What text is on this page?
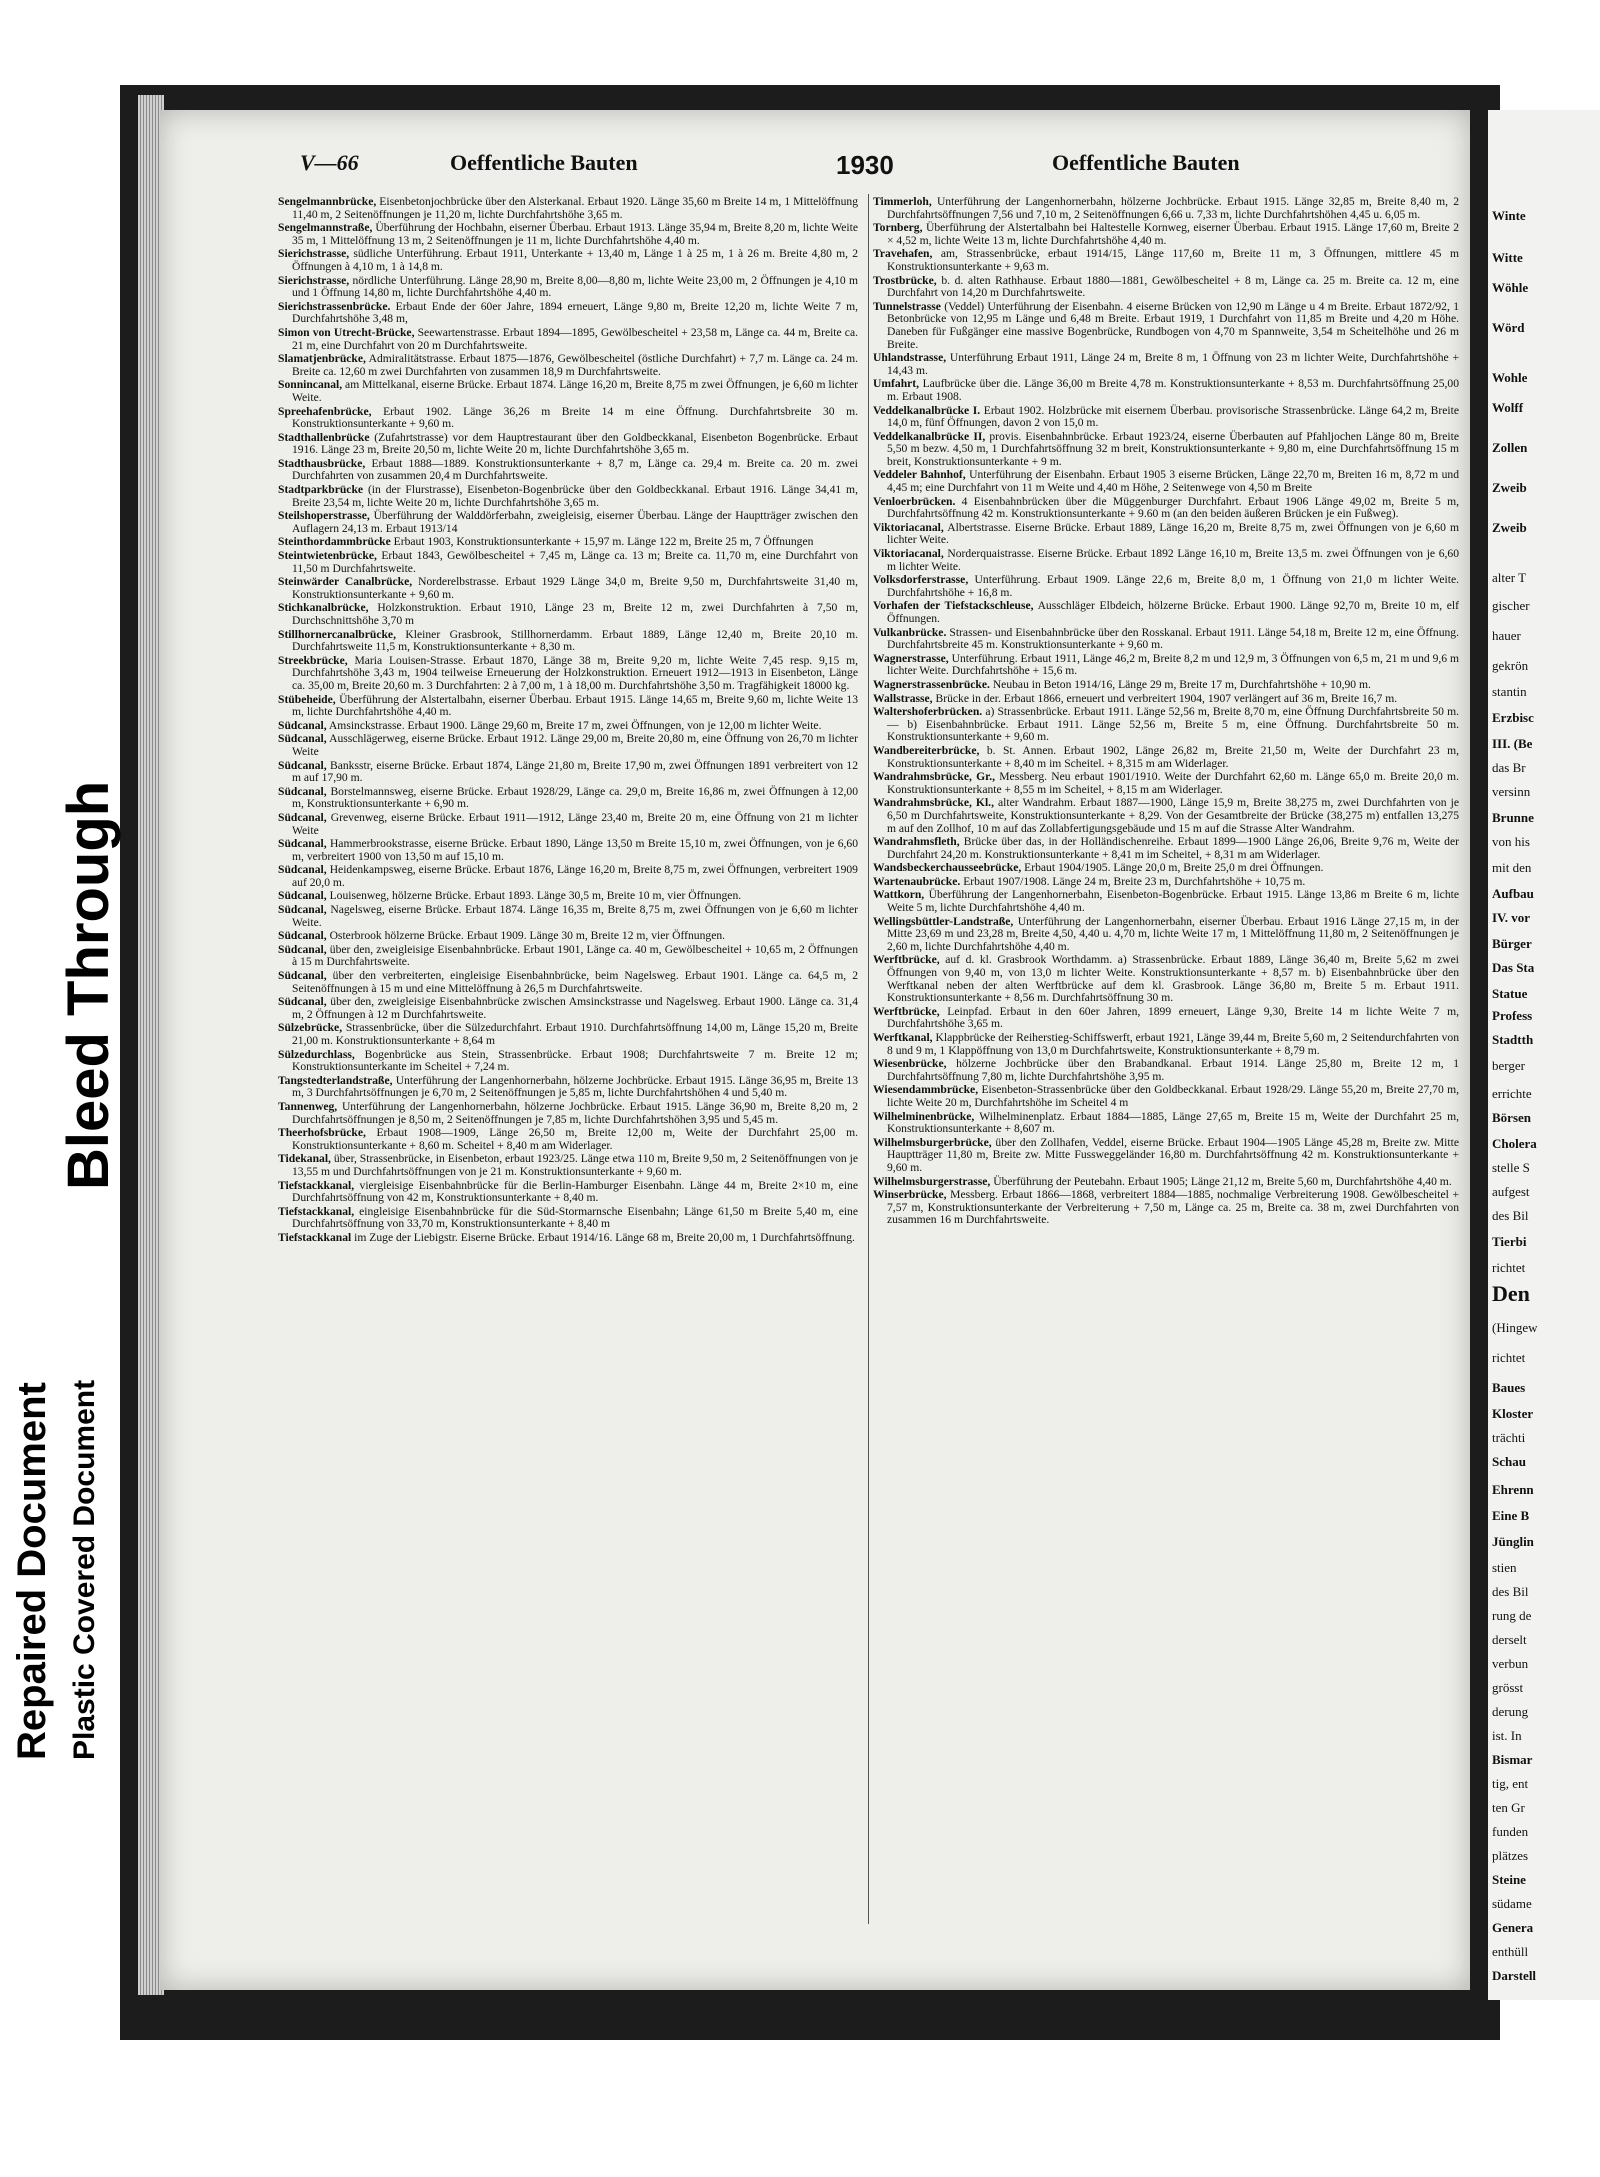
Repaired Document Plastic Covered Document
Bleed Through
V—66	Oeffentliche Bauten	1930	Oeffentliche Bauten
Sengelmannbrücke, Eisenbetonjochbrücke über den Alsterkanal. Erbaut 1920. Länge 35,60 m Breite 14 m, 1 Mittelöffnung 11,40 m, 2 Seitenöffnungen je 11,20 m, lichte Durchfahrtshöhe 3,65 m.
Sengelmannstraße, Überführung der Hochbahn, eiserner Überbau. Erbaut 1913. Länge 35,94 m, Breite 8,20 m, lichte Weite 35 m, 1 Mittelöffnung 13 m, 2 Seitenöffnungen je 11 m, lichte Durchfahrtshöhe 4,40 m.
Sierichstrasse, südliche Unterführung. Erbaut 1911, Unterkante + 13,40 m, Länge 1 à 25 m, 1 à 26 m. Breite 4,80 m, 2 Öffnungen à 4,10 m, 1 à 14,8 m.
Sierichstrasse, nördliche Unterführung. Länge 28,90 m, Breite 8,00—8,80 m, lichte Weite 23,00 m, 2 Öffnungen je 4,10 m und 1 Öffnung 14,80 m, lichte Durchfahrtshöhe 4,40 m.
Sierichstrassenbrücke. Erbaut Ende der 60er Jahre, 1894 erneuert, Länge 9,80 m, Breite 12,20 m, lichte Weite 7 m, Durchfahrtshöhe 3,48 m,
Simon von Utrecht-Brücke, Seewartenstrasse. Erbaut 1894—1895, Gewölbescheitel + 23,58 m, Länge ca. 44 m, Breite ca. 21 m, eine Durchfahrt von 20 m Durchfahrtsweite.
Slamatjenbrücke, Admiralitätstrasse. Erbaut 1875—1876, Gewölbescheitel (östliche Durchfahrt) + 7,7 m. Länge ca. 24 m. Breite ca. 12,60 m zwei Durchfahrten von zusammen 18,9 m Durchfahrtsweite.
Sonnincanal, am Mittelkanal, eiserne Brücke. Erbaut 1874. Länge 16,20 m, Breite 8,75 m zwei Öffnungen, je 6,60 m lichter Weite.
Spreehafenbrücke, Erbaut 1902. Länge 36,26 m Breite 14 m eine Öffnung. Durchfahrtsbreite 30 m. Konstruktionsunterkante + 9,60 m.
Stadthallenbrücke (Zufahrtstrasse) vor dem Hauptrestaurant über den Goldbeckkanal, Eisenbeton Bogenbrücke. Erbaut 1916. Länge 23 m, Breite 20,50 m, lichte Weite 20 m, lichte Durchfahrtshöhe 3,65 m.
Stadthausbrücke, Erbaut 1888—1889. Konstruktionsunterkante + 8,7 m, Länge ca. 29,4 m. Breite ca. 20 m. zwei Durchfahrten von zusammen 20,4 m Durchfahrtsweite.
Stadtparkbrücke (in der Flurstrasse), Eisenbeton-Bogenbrücke über den Goldbeckkanal. Erbaut 1916. Länge 34,41 m, Breite 23,54 m, lichte Weite 20 m, lichte Durchfahrtshöhe 3,65 m.
Steilshoperstrasse, Überführung der Walddörferbahn, zweigleisig, eiserner Überbau. Länge der Hauptträger zwischen den Auflagern 24,13 m. Erbaut 1913/14
Steinthordammbrücke Erbaut 1903, Konstruktionsunterkante + 15,97 m. Länge 122 m, Breite 25 m, 7 Öffnungen
Steintwietenbrücke, Erbaut 1843, Gewölbescheitel + 7,45 m, Länge ca. 13 m; Breite ca. 11,70 m, eine Durchfahrt von 11,50 m Durchfahrtsweite.
Steinwärder Canalbrücke, Norderelbstrasse. Erbaut 1929 Länge 34,0 m, Breite 9,50 m, Durchfahrtsweite 31,40 m, Konstruktionsunterkante + 9,60 m.
Stichkanalbrücke, Holzkonstruktion. Erbaut 1910, Länge 23 m, Breite 12 m, zwei Durchfahrten à 7,50 m, Durchschnittshöhe 3,70 m
Stillhornercanalbrücke, Kleiner Grasbrook, Stillhornerdamm. Erbaut 1889, Länge 12,40 m, Breite 20,10 m. Durchfahrtsweite 11,5 m, Konstruktionsunterkante + 8,30 m.
Streekbrücke, Maria Louisen-Strasse. Erbaut 1870, Länge 38 m, Breite 9,20 m, lichte Weite 7,45 resp. 9,15 m, Durchfahrtshöhe 3,43 m, 1904 teilweise Erneuerung der Holzkonstruktion. Erneuert 1912—1913 in Eisenbeton, Länge ca. 35,00 m, Breite 20,60 m. 3 Durchfahrten: 2 à 7,00 m, 1 à 18,00 m. Durchfahrtshöhe 3,50 m. Tragfähigkeit 18000 kg.
Stübeheide, Überführung der Alstertalbahn, eiserner Überbau. Erbaut 1915. Länge 14,65 m, Breite 9,60 m, lichte Weite 13 m, lichte Durchfahrtshöhe 4,40 m.
Südcanal, Amsinckstrasse. Erbaut 1900. Länge 29,60 m, Breite 17 m, zwei Öffnungen, von je 12,00 m lichter Weite.
Südcanal, Ausschlägerweg, eiserne Brücke. Erbaut 1912. Länge 29,00 m, Breite 20,80 m, eine Öffnung von 26,70 m lichter Weite
Südcanal, Banksstr, eiserne Brücke. Erbaut 1874, Länge 21,80 m, Breite 17,90 m, zwei Öffnungen 1891 verbreitert von 12 m auf 17,90 m.
Südcanal, Borstelmannsweg, eiserne Brücke. Erbaut 1928/29, Länge ca. 29,0 m, Breite 16,86 m, zwei Öffnungen à 12,00 m, Konstruktionsunterkante + 6,90 m.
Südcanal, Grevenweg, eiserne Brücke. Erbaut 1911—1912, Länge 23,40 m, Breite 20 m, eine Öffnung von 21 m lichter Weite
Südcanal, Hammerbrookstrasse, eiserne Brücke. Erbaut 1890, Länge 13,50 m Breite 15,10 m, zwei Öffnungen, von je 6,60 m, verbreitert 1900 von 13,50 m auf 15,10 m.
Südcanal, Heidenkampsweg, eiserne Brücke. Erbaut 1876, Länge 16,20 m, Breite 8,75 m, zwei Öffnungen, verbreitert 1909 auf 20,0 m.
Südcanal, Louisenweg, hölzerne Brücke. Erbaut 1893. Länge 30,5 m, Breite 10 m, vier Öffnungen.
Südcanal, Nagelsweg, eiserne Brücke. Erbaut 1874. Länge 16,35 m, Breite 8,75 m, zwei Öffnungen von je 6,60 m lichter Weite.
Südcanal, Osterbrook hölzerne Brücke. Erbaut 1909. Länge 30 m, Breite 12 m, vier Öffnungen.
Südcanal, über den, zweigleisige Eisenbahnbrücke. Erbaut 1901, Länge ca. 40 m, Gewölbescheitel + 10,65 m, 2 Öffnungen à 15 m Durchfahrtsweite.
Südcanal, über den verbreiterten, eingleisige Eisenbahnbrücke, beim Nagelsweg. Erbaut 1901. Länge ca. 64,5 m, 2 Seitenöffnungen à 15 m und eine Mittelöffnung à 26,5 m Durchfahrtsweite.
Südcanal, über den, zweigleisige Eisenbahnbrücke zwischen Amsinckstrasse und Nagelsweg. Erbaut 1900. Länge ca. 31,4 m, 2 Öffnungen à 12 m Durchfahrtsweite.
Sülzebrücke, Strassenbrücke, über die Sülzedurchfahrt. Erbaut 1910. Durchfahrtsöffnung 14,00 m, Länge 15,20 m, Breite 21,00 m. Konstruktionsunterkante + 8,64 m
Sülzedurchlass, Bogenbrücke aus Stein, Strassenbrücke. Erbaut 1908; Durchfahrtsweite 7 m. Breite 12 m; Konstruktionsunterkante im Scheitel + 7,24 m.
Tangstedterlandstraße, Unterführung der Langenhornerbahn, hölzerne Jochbrücke. Erbaut 1915. Länge 36,95 m, Breite 13 m, 3 Durchfahrtsöffnungen je 6,70 m, 2 Seitenöffnungen je 5,85 m, lichte Durchfahrtshöhen 4 und 5,40 m.
Tannenweg, Unterführung der Langenhornerbahn, hölzerne Jochbrücke. Erbaut 1915. Länge 36,90 m, Breite 8,20 m, 2 Durchfahrtsöffnungen je 8,50 m, 2 Seitenöffnungen je 7,85 m, lichte Durchfahrtshöhen 3,95 und 5,45 m.
Theerhofsbrücke, Erbaut 1908—1909, Länge 26,50 m, Breite 12,00 m, Weite der Durchfahrt 25,00 m. Konstruktionsunterkante + 8,60 m. Scheitel + 8,40 m am Widerlager.
Tidekanal, über, Strassenbrücke, in Eisenbeton, erbaut 1923/25. Länge etwa 110 m, Breite 9,50 m, 2 Seitenöffnungen von je 13,55 m und Durchfahrtsöffnungen von je 21 m. Konstruktionsunterkante + 9,60 m.
Tiefstackkanal, viergleisige Eisenbahnbrücke für die Berlin-Hamburger Eisenbahn. Länge 44 m, Breite 2×10 m, eine Durchfahrtsöffnung von 42 m, Konstruktionsunterkante + 8,40 m.
Tiefstackkanal, eingleisige Eisenbahnbrücke für die Süd-Stormarnsche Eisenbahn; Länge 61,50 m Breite 5,40 m, eine Durchfahrtsöffnung von 33,70 m, Konstruktionsunterkante + 8,40 m
Tiefstackkanal im Zuge der Liebigstr. Eiserne Brücke. Erbaut 1914/16. Länge 68 m, Breite 20,00 m, 1 Durchfahrtsöffnung.
Timmerloh, Unterführung der Langenhornerbahn, hölzerne Jochbrücke. Erbaut 1915. Länge 32,85 m, Breite 8,40 m, 2 Durchfahrtsöffnungen 7,56 und 7,10 m, 2 Seitenöffnungen 6,66 u. 7,33 m, lichte Durchfahrtshöhen 4,45 u. 6,05 m.
Tornberg, Überführung der Alstertalbahn bei Haltestelle Kornweg, eiserner Überbau. Erbaut 1915. Länge 17,60 m, Breite 2 × 4,52 m, lichte Weite 13 m, lichte Durchfahrtshöhe 4,40 m.
Travehafen, am, Strassenbrücke, erbaut 1914/15, Länge 117,60 m, Breite 11 m, 3 Öffnungen, mittlere 45 m Konstruktionsunterkante + 9,63 m.
Trostbrücke, b. d. alten Rathhause. Erbaut 1880—1881, Gewölbescheitel + 8 m, Länge ca. 25 m. Breite ca. 12 m, eine Durchfahrt von 14,20 m Durchfahrtsweite.
Tunnelstrasse (Veddel) Unterführung der Eisenbahn. 4 eiserne Brücken von 12,90 m Länge u 4 m Breite. Erbaut 1872/92, 1 Betonbrücke von 12,95 m Länge und 6,48 m Breite. Erbaut 1919, 1 Durchfahrt von 11,85 m Breite und 4,20 m Höhe. Daneben für Fußgänger eine massive Bogenbrücke, Rundbogen von 4,70 m Spannweite, 3,54 m Scheitelhöhe und 26 m Breite.
Uhlandstrasse, Unterführung Erbaut 1911, Länge 24 m, Breite 8 m, 1 Öffnung von 23 m lichter Weite, Durchfahrtshöhe + 14,43 m.
Umfahrt, Laufbrücke über die. Länge 36,00 m Breite 4,78 m. Konstruktionsunterkante + 8,53 m. Durchfahrtsöffnung 25,00 m. Erbaut 1908.
Veddelkanalbrücke I. Erbaut 1902. Holzbrücke mit eisernem Überbau. provisorische Strassenbrücke. Länge 64,2 m, Breite 14,0 m, fünf Öffnungen, davon 2 von 15,0 m.
Veddelkanalbrücke II, provis. Eisenbahnbrücke. Erbaut 1923/24, eiserne Überbauten auf Pfahljochen Länge 80 m, Breite 5,50 m bezw. 4,50 m, 1 Durchfahrtsöffnung 32 m breit, Konstruktionsunterkante + 9,80 m, eine Durchfahrtsöffnung 15 m breit, Konstruktionsunterkante + 9 m.
Veddeler Bahnhof, Unterführung der Eisenbahn. Erbaut 1905 3 eiserne Brücken, Länge 22,70 m, Breiten 16 m, 8,72 m und 4,45 m; eine Durchfahrt von 11 m Weite und 4,40 m Höhe, 2 Seitenwege von 4,50 m Breite
Venloerbrücken. 4 Eisenbahnbrücken über die Müggenburger Durchfahrt. Erbaut 1906 Länge 49,02 m, Breite 5 m, Durchfahrtsöffnung 42 m. Konstruktionsunterkante + 9.60 m (an den beiden äußeren Brücken je ein Fußweg).
Viktoriacanal, Albertstrasse. Eiserne Brücke. Erbaut 1889, Länge 16,20 m, Breite 8,75 m, zwei Öffnungen von je 6,60 m lichter Weite.
Viktoriacanal, Norderquaistrasse. Eiserne Brücke. Erbaut 1892 Länge 16,10 m, Breite 13,5 m. zwei Öffnungen von je 6,60 m lichter Weite.
Volksdorferstrasse, Unterführung. Erbaut 1909. Länge 22,6 m, Breite 8,0 m, 1 Öffnung von 21,0 m lichter Weite. Durchfahrtshöhe + 16,8 m.
Vorhafen der Tiefstackschleuse, Ausschläger Elbdeich, hölzerne Brücke. Erbaut 1900. Länge 92,70 m, Breite 10 m, elf Öffnungen.
Vulkanbrücke. Strassen- und Eisenbahnbrücke über den Rosskanal. Erbaut 1911. Länge 54,18 m, Breite 12 m, eine Öffnung. Durchfahrtsbreite 45 m. Konstruktionsunterkante + 9,60 m.
Wagnerstrasse, Unterführung. Erbaut 1911, Länge 46,2 m, Breite 8,2 m und 12,9 m, 3 Öffnungen von 6,5 m, 21 m und 9,6 m lichter Weite. Durchfahrtshöhe + 15,6 m.
Wagnerstrassenbrücke. Neubau in Beton 1914/16, Länge 29 m, Breite 17 m, Durchfahrtshöhe + 10,90 m.
Wallstrasse, Brücke in der. Erbaut 1866, erneuert und verbreitert 1904, 1907 verlängert auf 36 m, Breite 16,7 m.
Waltershoferbrücken. a) Strassenbrücke. Erbaut 1911. Länge 52,56 m, Breite 8,70 m, eine Öffnung Durchfahrtsbreite 50 m. — b) Eisenbahnbrücke. Erbaut 1911. Länge 52,56 m, Breite 5 m, eine Öffnung. Durchfahrtsbreite 50 m. Konstruktionsunterkante + 9,60 m.
Wandbereiterbrücke, b. St. Annen. Erbaut 1902, Länge 26,82 m, Breite 21,50 m, Weite der Durchfahrt 23 m, Konstruktionsunterkante + 8,40 m im Scheitel. + 8,315 m am Widerlager.
Wandrahmsbrücke, Gr., Messberg. Neu erbaut 1901/1910. Weite der Durchfahrt 62,60 m. Länge 65,0 m. Breite 20,0 m. Konstruktionsunterkante + 8,55 m im Scheitel, + 8,15 m am Widerlager.
Wandrahmsbrücke, Kl., alter Wandrahm. Erbaut 1887—1900, Länge 15,9 m, Breite 38,275 m, zwei Durchfahrten von je 6,50 m Durchfahrtsweite, Konstruktionsunterkante + 8,29. Von der Gesamtbreite der Brücke (38,275 m) entfallen 13,275 m auf den Zollhof, 10 m auf das Zollabfertigungsgebäude und 15 m auf die Strasse Alter Wandrahm.
Wandrahmsfleth, Brücke über das, in der Holländischenreihe. Erbaut 1899—1900 Länge 26,06, Breite 9,76 m, Weite der Durchfahrt 24,20 m. Konstruktionsunterkante + 8,41 m im Scheitel, + 8,31 m am Widerlager.
Wandsbeckerchausseebrücke, Erbaut 1904/1905. Länge 20,0 m, Breite 25,0 m drei Öffnungen.
Wartenaubrücke. Erbaut 1907/1908. Länge 24 m, Breite 23 m, Durchfahrtshöhe + 10,75 m.
Wattkorn, Überführung der Langenhornerbahn, Eisenbeton-Bogenbrücke. Erbaut 1915. Länge 13,86 m Breite 6 m, lichte Weite 5 m, lichte Durchfahrtshöhe 4,40 m.
Wellingsbüttler-Landstraße, Unterführung der Langenhornerbahn, eiserner Überbau. Erbaut 1916 Länge 27,15 m, in der Mitte 23,69 m und 23,28 m, Breite 4,50, 4,40 u. 4,70 m, lichte Weite 17 m, 1 Mittelöffnung 11,80 m, 2 Seitenöffnungen je 2,60 m, lichte Durchfahrtshöhe 4,40 m.
Werftbrücke, auf d. kl. Grasbrook Worthdamm. a) Strassenbrücke. Erbaut 1889, Länge 36,40 m, Breite 5,62 m zwei Öffnungen von 9,40 m, von 13,0 m lichter Weite. Konstruktionsunterkante + 8,57 m. b) Eisenbahnbrücke über den Werftkanal neben der alten Werftbrücke auf dem kl. Grasbrook. Länge 36,80 m, Breite 5 m. Erbaut 1911. Konstruktionsunterkante + 8,56 m. Durchfahrtsöffnung 30 m.
Werftbrücke, Leinpfad. Erbaut in den 60er Jahren, 1899 erneuert, Länge 9,30, Breite 14 m lichte Weite 7 m, Durchfahrtshöhe 3,65 m.
Werftkanal, Klappbrücke der Reiherstieg-Schiffswerft, erbaut 1921, Länge 39,44 m, Breite 5,60 m, 2 Seitendurchfahrten von 8 und 9 m, 1 Klappöffnung von 13,0 m Durchfahrtsweite, Konstruktionsunterkante + 8,79 m.
Wiesenbrücke, hölzerne Jochbrücke über den Brabandkanal. Erbaut 1914. Länge 25,80 m, Breite 12 m, 1 Durchfahrtsöffnung 7,80 m, lichte Durchfahrtshöhe 3,95 m.
Wiesendammbrücke, Eisenbeton-Strassenbrücke über den Goldbeckkanal. Erbaut 1928/29. Länge 55,20 m, Breite 27,70 m, lichte Weite 20 m, Durchfahrtshöhe im Scheitel 4 m
Wilhelminenbrücke, Wilhelminenplatz. Erbaut 1884—1885, Länge 27,65 m, Breite 15 m, Weite der Durchfahrt 25 m, Konstruktionsunterkante + 8,607 m.
Wilhelmsburgerbrücke, über den Zollhafen, Veddel, eiserne Brücke. Erbaut 1904—1905 Länge 45,28 m, Breite zw. Mitte Hauptträger 11,80 m, Breite zw. Mitte Fussweggeländer 16,80 m. Durchfahrtsöffnung 42 m. Konstruktionsunterkante + 9,60 m.
Wilhelmsburgerstrasse, Überführung der Peutebahn. Erbaut 1905; Länge 21,12 m, Breite 5,60 m, Durchfahrtshöhe 4,40 m.
Winserbrücke, Messberg. Erbaut 1866—1868, verbreitert 1884—1885, nochmalige Verbreiterung 1908. Gewölbescheitel + 7,57 m, Konstruktionsunterkante der Verbreiterung + 7,50 m, Länge ca. 25 m, Breite ca. 38 m, zwei Durchfahrten von zusammen 16 m Durchfahrtsweite.
Winte
Witte
Wöhle
Wörd
Wohle
Wolff
Zollen
Zweib
Zweib
alter T
gischer
hauer
gekrön
stantin
Erzbisc
III. (Be
das Br
versinn
Brunne
von his
mit den
Aufbau
IV. vor
Bürger
Das Sta
Statue
Profess
Stadtth
berger
errichte
Börsen
Cholera
stelle S
aufgest
des Bil
Tierbi
richtet
Den
(Hingew
richtet
Baues
Kloster
trächti
Schau
Ehrenn
Eine B
Jünglin
stien
des Bil
rung de
derselt
verbun
grösst
derung
ist. In
Bismar
tig, ent
ten Gr
funden
plätzes
Steine
südame
Genera
enthüll
Darstell
